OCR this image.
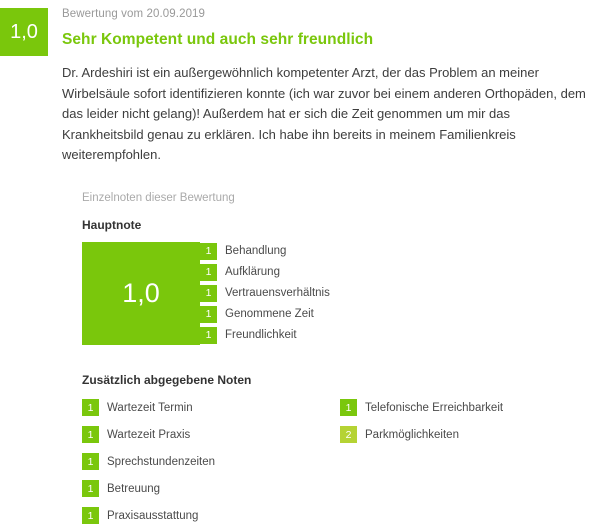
1,0
Bewertung vom 20.09.2019
Sehr Kompetent und auch sehr freundlich
Dr. Ardeshiri ist ein außergewöhnlich kompetenter Arzt, der das Problem an meiner Wirbelsäule sofort identifizieren konnte (ich war zuvor bei einem anderen Orthopäden, dem das leider nicht gelang)! Außerdem hat er sich die Zeit genommen um mir das Krankheitsbild genau zu erklären. Ich habe ihn bereits in meinem Familienkreis weiterempfohlen.
Einzelnoten dieser Bewertung
Hauptnote
1,0
1	Behandlung
1	Aufklärung
1	Vertrauensverhältnis
1	Genommene Zeit
1	Freundlichkeit
Zusätzlich abgegebene Noten
1	Wartezeit Termin
1	Wartezeit Praxis
1	Sprechstundenzeiten
1	Betreuung
1	Praxisausstattung
1	Telefonische Erreichbarkeit
2	Parkmöglichkeiten
